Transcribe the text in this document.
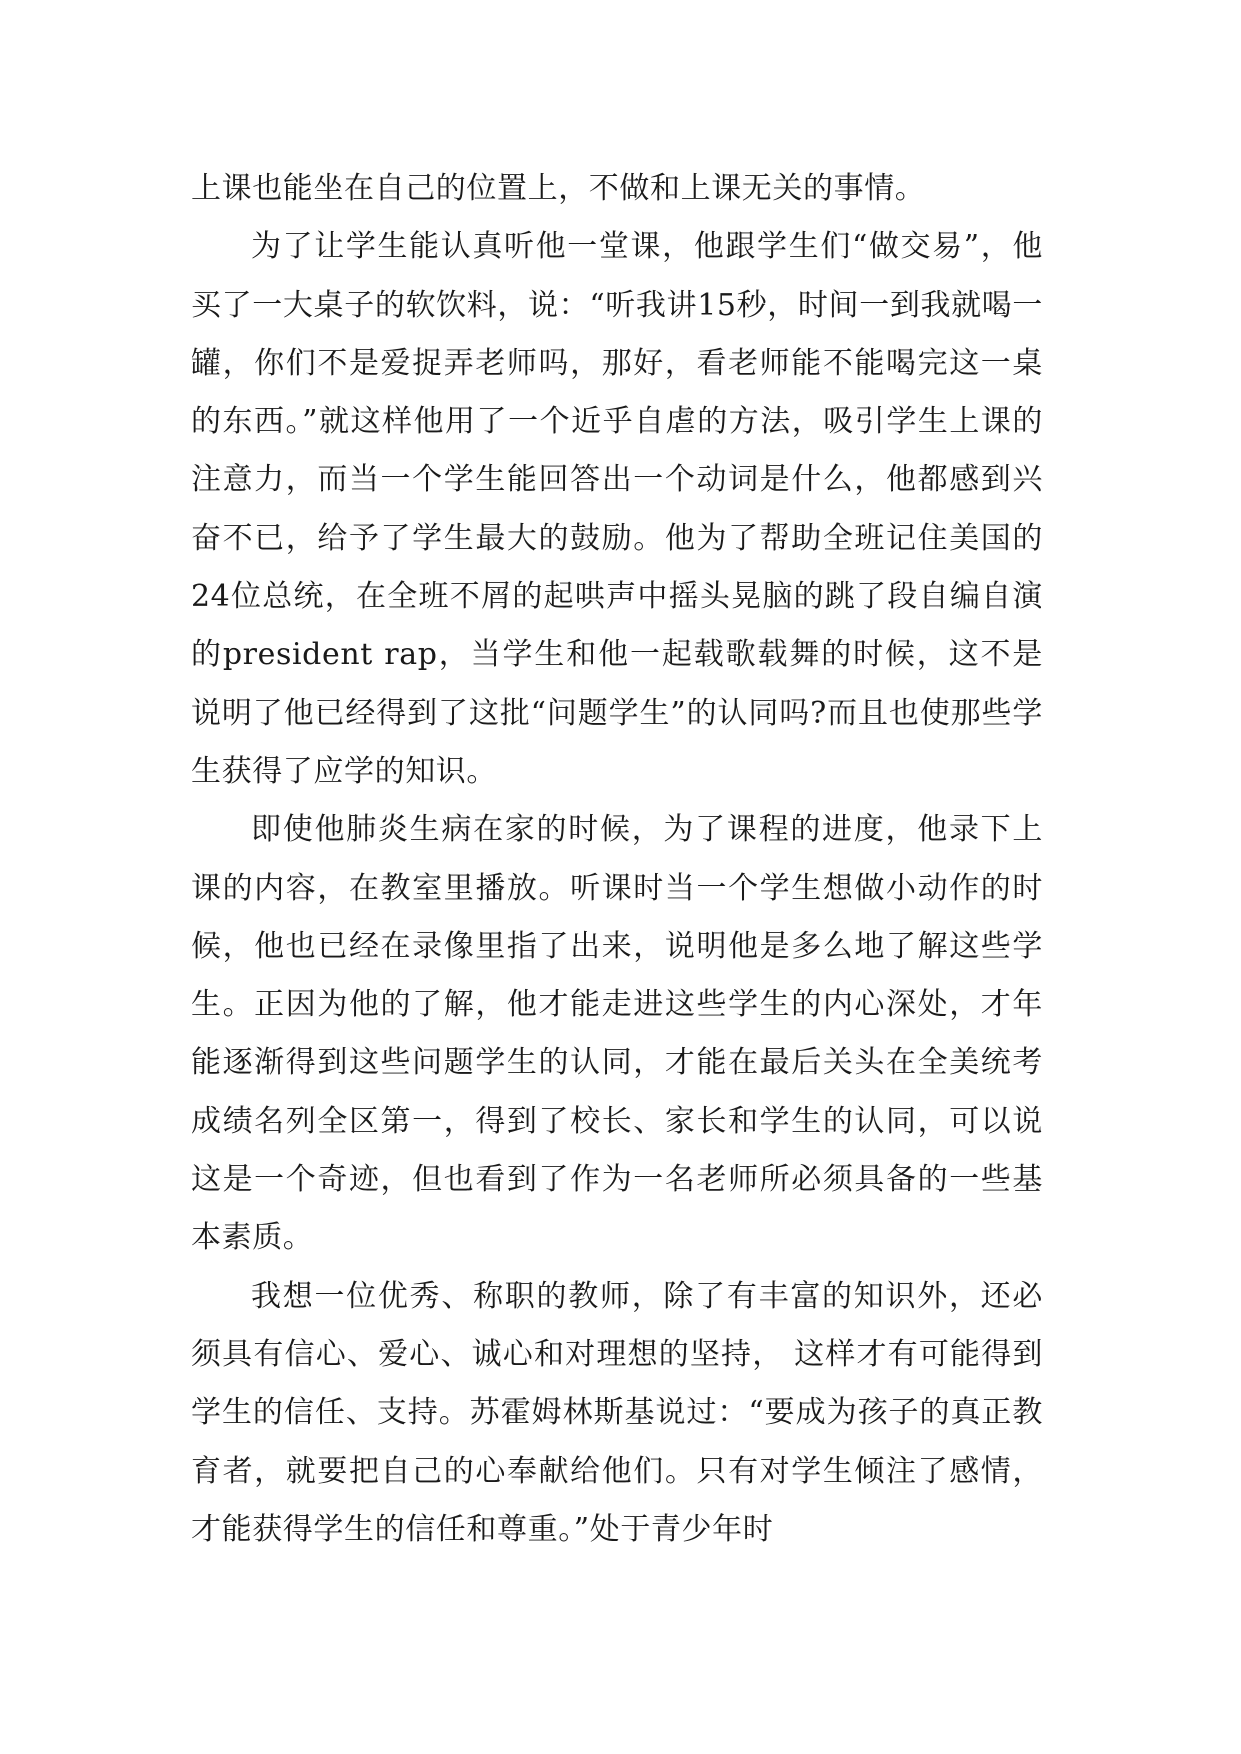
上课也能坐在自己的位置上，不做和上课无关的事情。

为了让学生能认真听他一堂课，他跟学生们“做交易”，他买了一大桌子的软饮料，说：“听我讲15秒，时间一到我就喝一罐，你们不是爱捉弄老师吗，那好，看老师能不能喝完这一桌的东西。”就这样他用了一个近乎自虐的方法，吸引学生上课的注意力，而当一个学生能回答出一个动词是什么，他都感到兴奋不已，给予了学生最大的鼓励。他为了帮助全班记住美国的24位总统，在全班不屑的起哄声中摇头晃脑的跳了段自编自演的president rap，当学生和他一起载歌载舞的时候，这不是说明了他已经得到了这批“问题学生”的认同吗?而且也使那些学生获得了应学的知识。

即使他肺炎生病在家的时候，为了课程的进度，他录下上课的内容，在教室里播放。听课时当一个学生想做小动作的时候，他也已经在录像里指了出来，说明他是多么地了解这些学生。正因为他的了解，他才能走进这些学生的内心深处，才年能逐渐得到这些问题学生的认同，才能在最后关头在全美统考成绩名列全区第一，得到了校长、家长和学生的认同，可以说这是一个奇迹，但也看到了作为一名老师所必须具备的一些基本素质。

我想一位优秀、称职的教师，除了有丰富的知识外，还必须具有信心、爱心、诚心和对理想的坚持， 这样才有可能得到学生的信任、支持。苏霍姆林斯基说过：“要成为孩子的真正教育者，就要把自己的心奉献给他们。只有对学生倾注了感情，才能获得学生的信任和尊重。”处于青少年时
